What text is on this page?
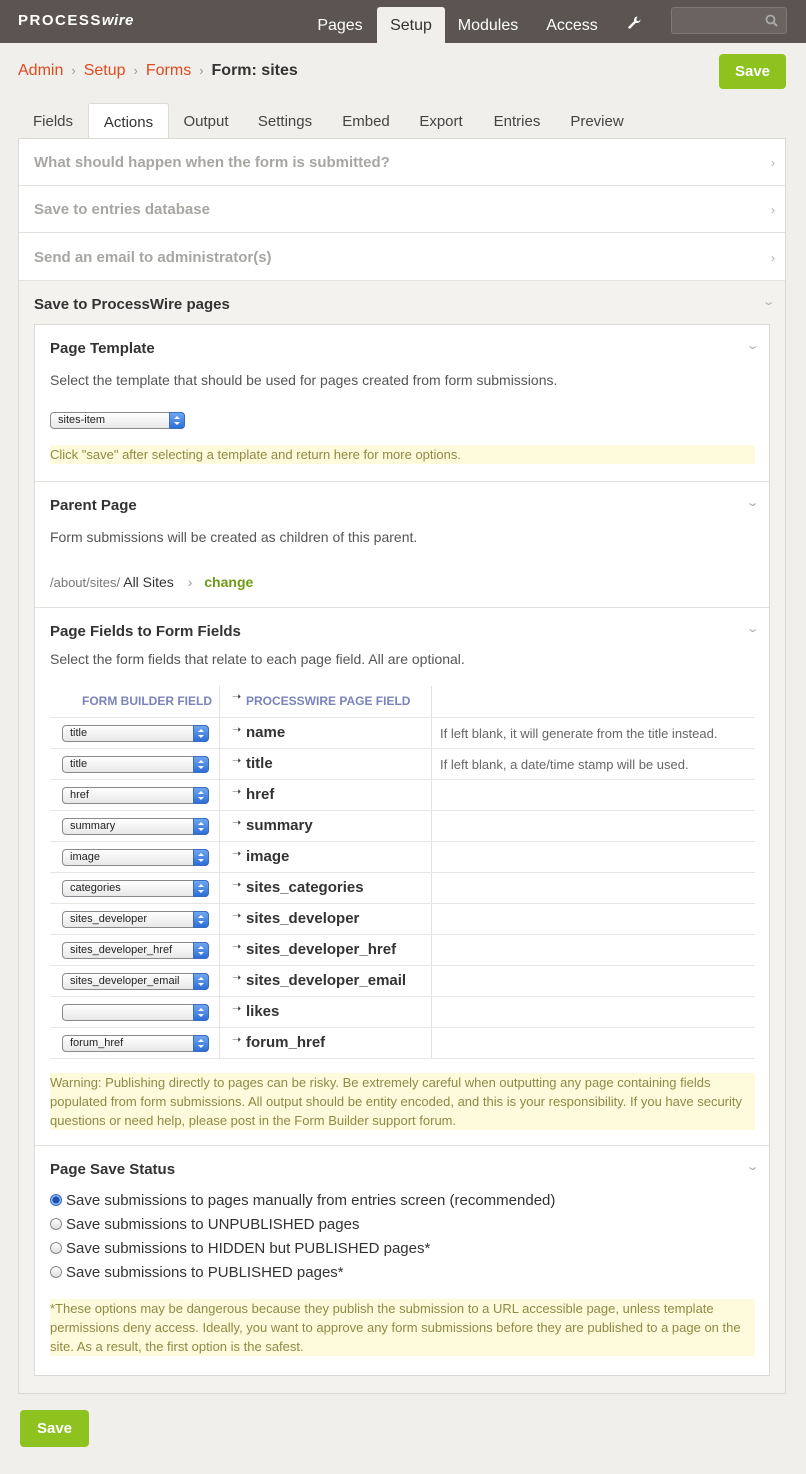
PROCESSwire	Pages	Setup	Modules	Access
Admin › Setup › Forms › Form: sites	Save
Fields	Actions	Output	Settings	Embed	Export	Entries	Preview
What should happen when the form is submitted?	›
Save to entries database	›
Send an email to administrator(s)	›
Save to ProcessWire pages	⌄
Page Template	⌄
Select the template that should be used for pages created from form submissions.
sites-item
Click "save" after selecting a template and return here for more options.
Parent Page	⌄
Form submissions will be created as children of this parent.
/about/sites/ All Sites › change
Page Fields to Form Fields	⌄
Select the form fields that relate to each page field. All are optional.
FORM BUILDER FIELD ➝ PROCESSWIRE PAGE FIELD
title	➝ name	If left blank, it will generate from the title instead.
title	➝ title	If left blank, a date/time stamp will be used.
href	➝ href
summary	➝ summary
image	➝ image
categories	➝ sites_categories
sites_developer	➝ sites_developer
sites_developer_href	➝ sites_developer_href
sites_developer_email	➝ sites_developer_email
➝ likes
forum_href	➝ forum_href
Warning: Publishing directly to pages can be risky. Be extremely careful when outputting any page containing fields populated from form submissions. All output should be entity encoded, and this is your responsibility. If you have security questions or need help, please post in the Form Builder support forum.
Page Save Status	⌄
Save submissions to pages manually from entries screen (recommended)
Save submissions to UNPUBLISHED pages
Save submissions to HIDDEN but PUBLISHED pages*
Save submissions to PUBLISHED pages*
*These options may be dangerous because they publish the submission to a URL accessible page, unless template permissions deny access. Ideally, you want to approve any form submissions before they are published to a page on the site. As a result, the first option is the safest.
Save
